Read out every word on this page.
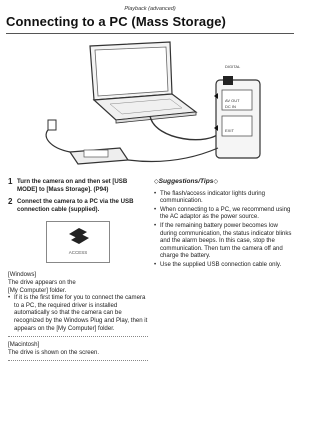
Playback (advanced)
Connecting to a PC (Mass Storage)
DIGITAL
AV OUT
DC IN
EXIT
1 Turn the camera on and then set [USB MODE] to [Mass Storage]. (P94)
2 Connect the camera to a PC via the USB connection cable (supplied).
ACCESS

[Windows]

The drive appears on the

[My Computer] folder.

• If it is the first time for you to connect the camera to a PC, the required driver is installed automatically so that the camera can be recognized by the Windows Plug and Play, then it appears on the [My Computer] folder.

[Macintosh]

The drive is shown on the screen.

◇Suggestions/Tips◇
• The flash/access indicator lights during communication.
• When connecting to a PC, we recommend using the AC adaptor as the power source.
• If the remaining battery power becomes low during communication, the status indicator blinks and the alarm beeps. In this case, stop the communication. Then turn the camera off and charge the battery.
• Use the supplied USB connection cable only.
